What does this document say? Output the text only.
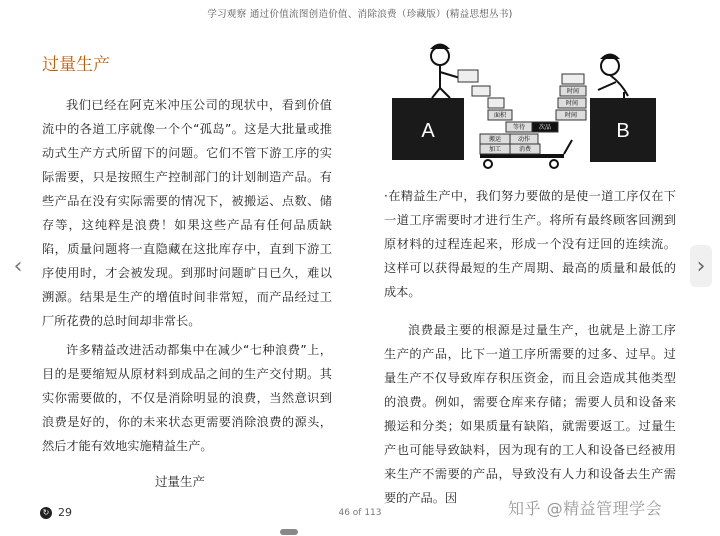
学习观察 通过价值流图创造价值、消除浪费（珍藏版）(精益思想丛书)
过量生产
我们已经在阿克米冲压公司的现状中，看到价值流中的各道工序就像一个个“孤岛”。这是大批量或推动式生产方式所留下的问题。它们不管下游工序的实际需要，只是按照生产控制部门的计划制造产品。有些产品在没有实际需要的情况下，被搬运、点数、储存等，这纯粹是浪费！如果这些产品有任何品质缺陷，质量问题将一直隐藏在这批库存中，直到下游工序使用时，才会被发现。到那时问题旷日已久，难以溯源。结果是生产的增值时间非常短，而产品经过工厂所花费的总时间却非常长。
许多精益改进活动都集中在减少“七种浪费”上，目的是要缩短从原材料到成品之间的生产交付期。其实你需要做的，不仅是消除明显的浪费，当然意识到浪费是好的，你的未来状态更需要消除浪费的源头，然后才能有效地实施精益生产。
过量生产
A
面积
等待 次品
搬运	动作
加工	消费
时间
时间
时间
B
·在精益生产中，我们努力要做的是使一道工序仅在下一道工序需要时才进行生产。将所有最终顾客回溯到原材料的过程连起来，形成一个没有迂回的连续流。这样可以获得最短的生产周期、最高的质量和最低的成本。
浪费最主要的根源是过量生产，也就是上游工序生产的产品，比下一道工序所需要的过多、过早。过量生产不仅导致库存积压资金，而且会造成其他类型的浪费。例如，需要仓库来存储；需要人员和设备来搬运和分类；如果质量有缺陷，就需要返工。过量生产也可能导致缺料，因为现有的工人和设备已经被用来生产不需要的产品，导致没有人力和设备去生产需要的产品。因
‹	›
↻ 29	46 of 113	知乎 @精益管理学会
